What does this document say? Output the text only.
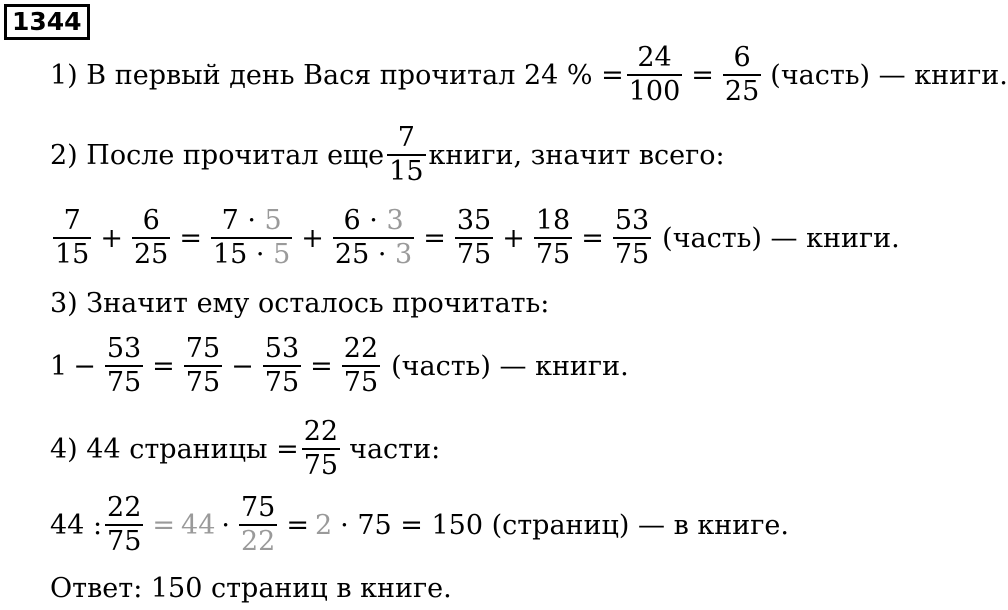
1344
1) В первый день Вася прочитал 24 % = $\frac{24}{100} = \frac{6}{25}$ (часть) — книги.
2) После прочитал еще $\frac{7}{15}$ книги, значит всего:
$\frac{7}{15} + \frac{6}{25} = \frac{7 \cdot 5}{15 \cdot 5} + \frac{6 \cdot 3}{25 \cdot 3} = \frac{35}{75} + \frac{18}{75} = \frac{53}{75}$ (часть) — книги.
3) Значит ему осталось прочитать:
$1 - \frac{53}{75} = \frac{75}{75} - \frac{53}{75} = \frac{22}{75}$ (часть) — книги.
4) 44 страницы = $\frac{22}{75}$ части:
44 : $\frac{22}{75} = 44 \cdot \frac{75}{22} = 2 \cdot 75 = 150$ (страниц) — в книге.
Ответ: 150 страниц в книге.
